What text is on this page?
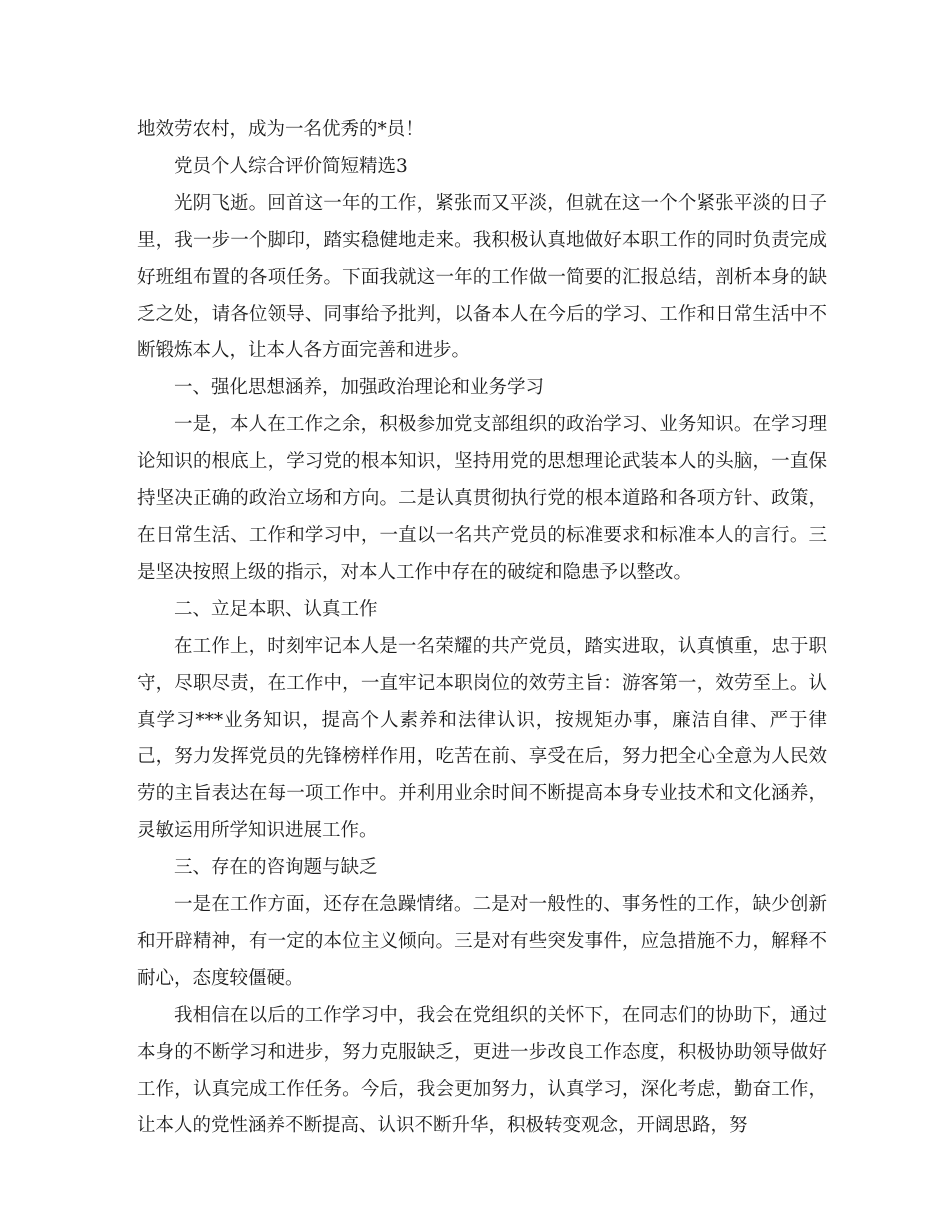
地效劳农村，成为一名优秀的*员！

党员个人综合评价简短精选3

光阴飞逝。回首这一年的工作，紧张而又平淡，但就在这一个个紧张平淡的日子里，我一步一个脚印，踏实稳健地走来。我积极认真地做好本职工作的同时负责完成好班组布置的各项任务。下面我就这一年的工作做一简要的汇报总结，剖析本身的缺乏之处，请各位领导、同事给予批判，以备本人在今后的学习、工作和日常生活中不断锻炼本人，让本人各方面完善和进步。

一、强化思想涵养，加强政治理论和业务学习

一是，本人在工作之余，积极参加党支部组织的政治学习、业务知识。在学习理论知识的根底上，学习党的根本知识，坚持用党的思想理论武装本人的头脑，一直保持坚决正确的政治立场和方向。二是认真贯彻执行党的根本道路和各项方针、政策，在日常生活、工作和学习中，一直以一名共产党员的标准要求和标准本人的言行。三是坚决按照上级的指示，对本人工作中存在的破绽和隐患予以整改。

二、立足本职、认真工作

在工作上，时刻牢记本人是一名荣耀的共产党员，踏实进取，认真慎重，忠于职守，尽职尽责，在工作中，一直牢记本职岗位的效劳主旨：游客第一，效劳至上。认真学习***业务知识，提高个人素养和法律认识，按规矩办事，廉洁自律、严于律己，努力发挥党员的先锋榜样作用，吃苦在前、享受在后，努力把全心全意为人民效劳的主旨表达在每一项工作中。并利用业余时间不断提高本身专业技术和文化涵养，灵敏运用所学知识进展工作。

三、存在的咨询题与缺乏

一是在工作方面，还存在急躁情绪。二是对一般性的、事务性的工作，缺少创新和开辟精神，有一定的本位主义倾向。三是对有些突发事件，应急措施不力，解释不耐心，态度较僵硬。

我相信在以后的工作学习中，我会在党组织的关怀下，在同志们的协助下，通过本身的不断学习和进步，努力克服缺乏，更进一步改良工作态度，积极协助领导做好工作，认真完成工作任务。今后，我会更加努力，认真学习，深化考虑，勤奋工作，让本人的党性涵养不断提高、认识不断升华，积极转变观念，开阔思路，努
